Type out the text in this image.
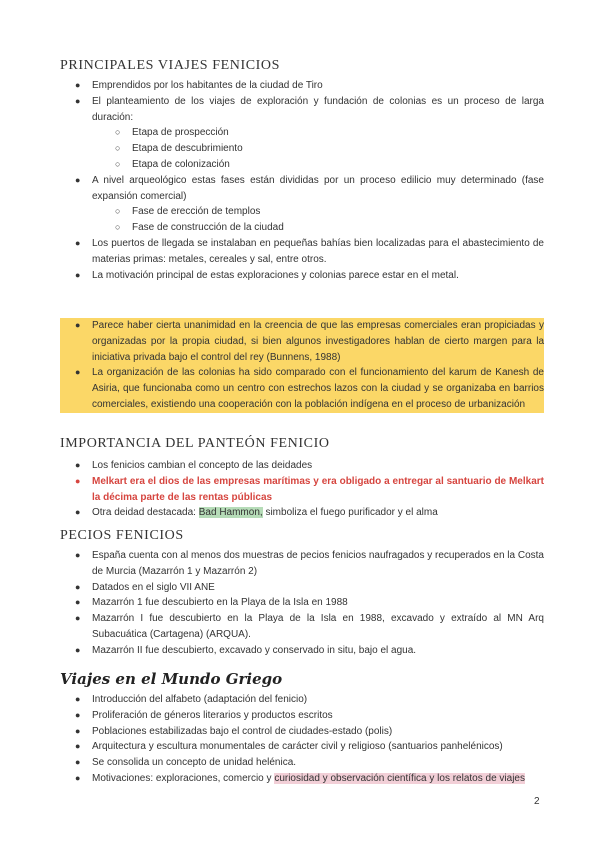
PRINCIPALES VIAJES FENICIOS
● Emprendidos por los habitantes de la ciudad de Tiro
● El planteamiento de los viajes de exploración y fundación de colonias es un proceso de larga duración:
○ Etapa de prospección
○ Etapa de descubrimiento
○ Etapa de colonización
● A nivel arqueológico estas fases están divididas por un proceso edilicio muy determinado (fase expansión comercial)
○ Fase de erección de templos
○ Fase de construcción de la ciudad
● Los puertos de llegada se instalaban en pequeñas bahías bien localizadas para el abastecimiento de materias primas: metales, cereales y sal, entre otros.
● La motivación principal de estas exploraciones y colonias parece estar en el metal.
● Parece haber cierta unanimidad en la creencia de que las empresas comerciales eran propiciadas y organizadas por la propia ciudad, si bien algunos investigadores hablan de cierto margen para la iniciativa privada bajo el control del rey (Bunnens, 1988)
● La organización de las colonias ha sido comparado con el funcionamiento del karum de Kanesh de Asiria, que funcionaba como un centro con estrechos lazos con la ciudad y se organizaba en barrios comerciales, existiendo una cooperación con la población indígena en el proceso de urbanización
IMPORTANCIA DEL PANTEÓN FENICIO
● Los fenicios cambian el concepto de las deidades
● Melkart era el dios de las empresas marítimas y era obligado a entregar al santuario de Melkart la décima parte de las rentas públicas
● Otra deidad destacada: Bad Hammon, simboliza el fuego purificador y el alma
PECIOS FENICIOS
● España cuenta con al menos dos muestras de pecios fenicios naufragados y recuperados en la Costa de Murcia (Mazarrón 1 y Mazarrón 2)
● Datados en el siglo VII ANE
● Mazarrón 1 fue descubierto en la Playa de la Isla en 1988
● Mazarrón I fue descubierto en la Playa de la Isla en 1988, excavado y extraído al MN Arq Subacuática (Cartagena) (ARQUA).
● Mazarrón II fue descubierto, excavado y conservado in situ, bajo el agua.
Viajes en el Mundo Griego
● Introducción del alfabeto (adaptación del fenicio)
● Proliferación de géneros literarios y productos escritos
● Poblaciones estabilizadas bajo el control de ciudades-estado (polis)
● Arquitectura y escultura monumentales de carácter civil y religioso (santuarios panhelénicos)
● Se consolida un concepto de unidad helénica.
● Motivaciones: exploraciones, comercio y curiosidad y observación científica y los relatos de viajes
2
